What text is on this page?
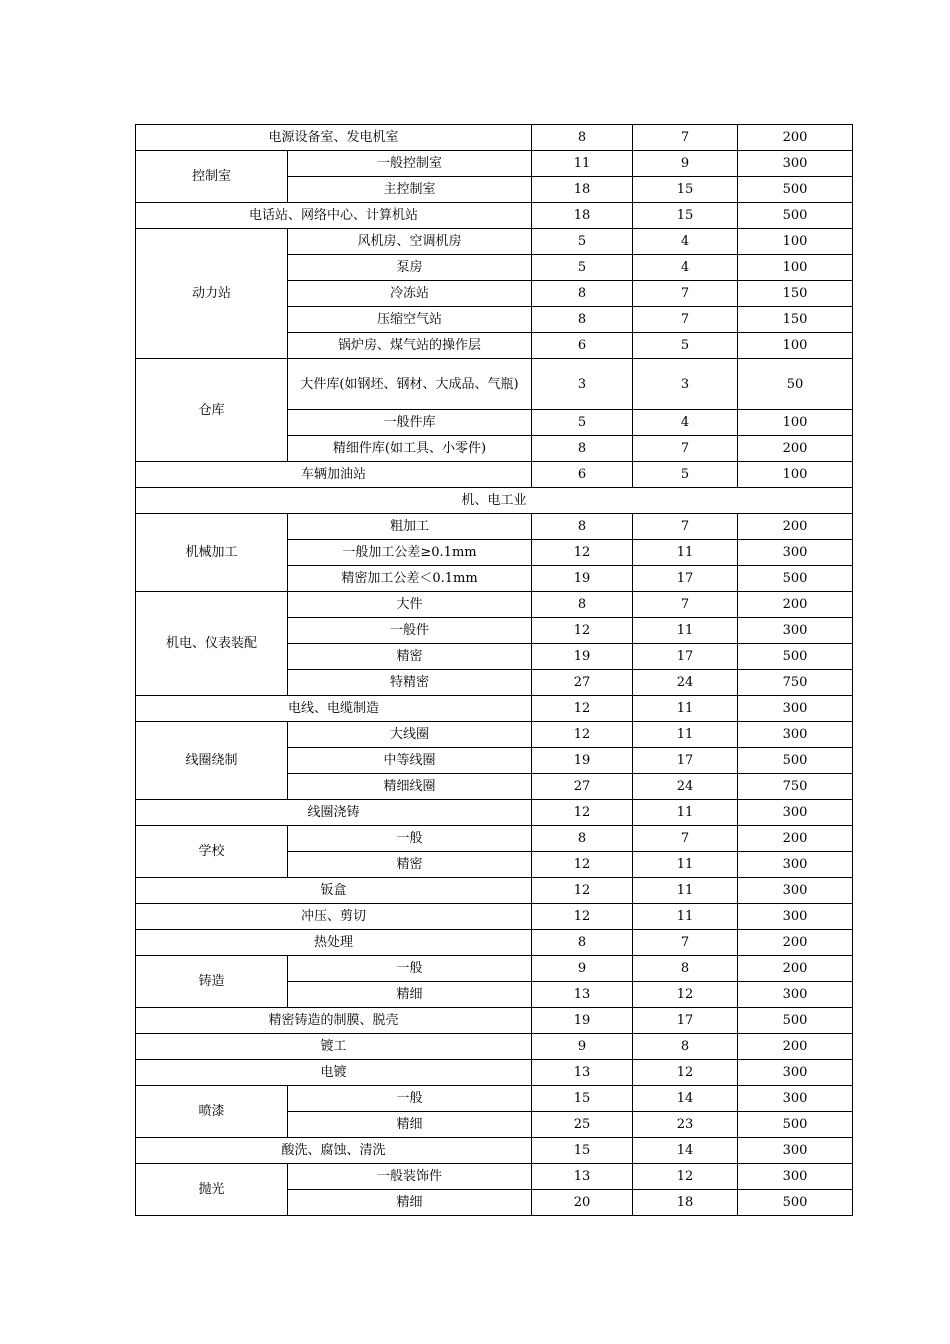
电源设备室、发电机室		8	7	200
控制室	一般控制室	11	9	300
	主控制室	18	15	500
电话站、网络中心、计算机站		18	15	500
动力站	风机房、空调机房	5	4	100
	泵房	5	4	100
	冷冻站	8	7	150
	压缩空气站	8	7	150
	锅炉房、煤气站的操作层	6	5	100
仓库	大件库(如钢坯、钢材、大成品、气瓶)	3	3	50
	一般件库	5	4	100
	精细件库(如工具、小零件)	8	7	200
车辆加油站		6	5	100
机、电工业				
机械加工	粗加工	8	7	200
	一般加工公差≥0.1mm	12	11	300
	精密加工公差＜0.1mm	19	17	500
机电、仪表装配	大件	8	7	200
	一般件	12	11	300
	精密	19	17	500
	特精密	27	24	750
电线、电缆制造		12	11	300
线圈绕制	大线圈	12	11	300
	中等线圈	19	17	500
	精细线圈	27	24	750
线圈浇铸		12	11	300
学校	一般	8	7	200
	精密	12	11	300
钣盒		12	11	300
冲压、剪切		12	11	300
热处理		8	7	200
铸造	一般	9	8	200
	精细	13	12	300
精密铸造的制膜、脱壳		19	17	500
镀工		9	8	200
电镀		13	12	300
喷漆	一般	15	14	300
	精细	25	23	500
酸洗、腐蚀、清洗		15	14	300
抛光	一般装饰件	13	12	300
	精细	20	18	500
